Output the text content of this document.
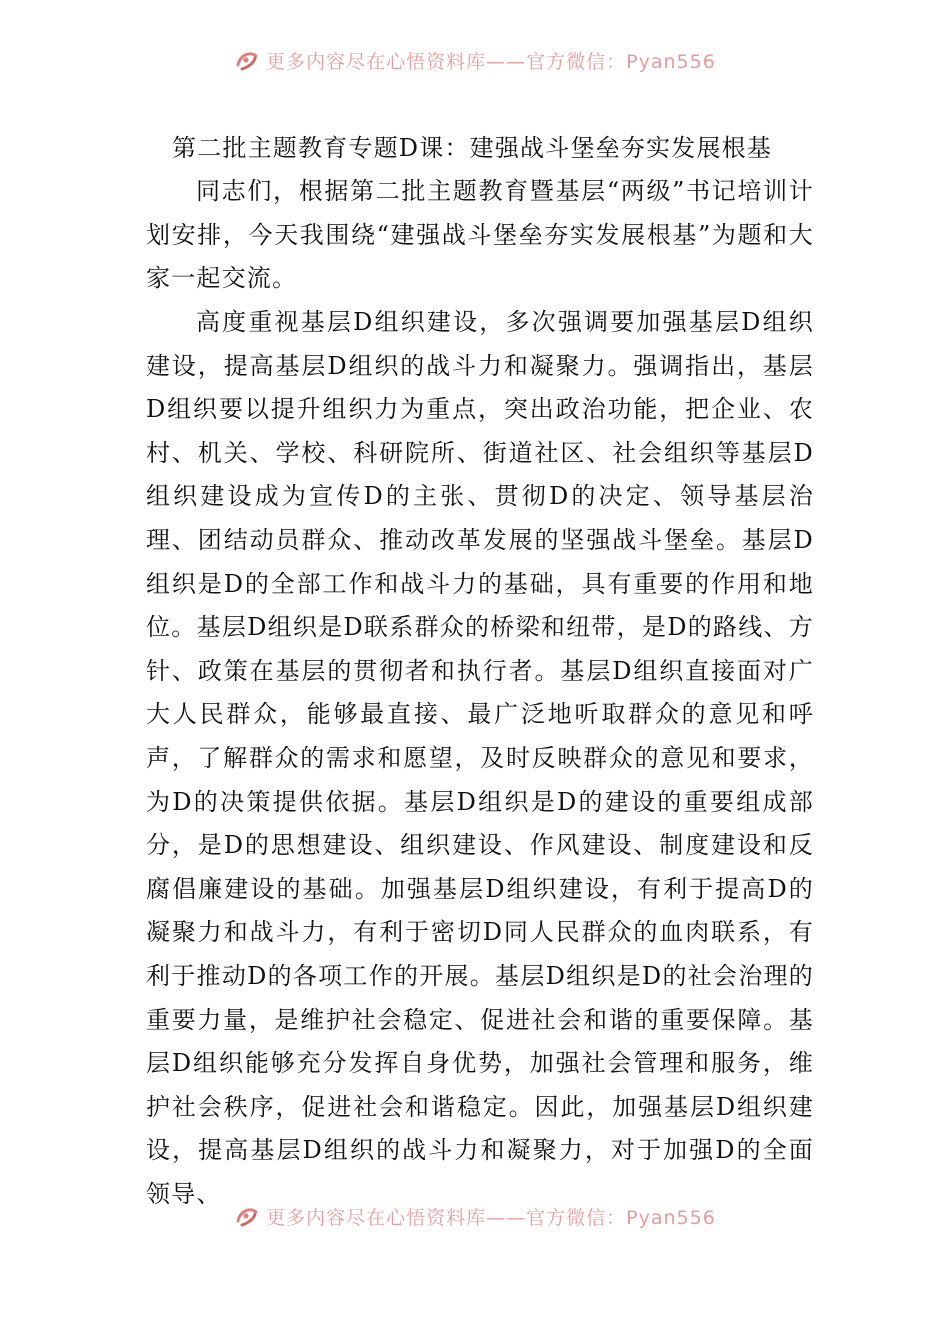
更多内容尽在心悟资料库——官方微信：Pyan556
第二批主题教育专题D课：建强战斗堡垒夯实发展根基

同志们，根据第二批主题教育暨基层“两级”书记培训计划安排，今天我围绕“建强战斗堡垒夯实发展根基”为题和大家一起交流。

高度重视基层D组织建设，多次强调要加强基层D组织建设，提高基层D组织的战斗力和凝聚力。强调指出，基层D组织要以提升组织力为重点，突出政治功能，把企业、农村、机关、学校、科研院所、街道社区、社会组织等基层D组织建设成为宣传D的主张、贯彻D的决定、领导基层治理、团结动员群众、推动改革发展的坚强战斗堡垒。基层D组织是D的全部工作和战斗力的基础，具有重要的作用和地位。基层D组织是D联系群众的桥梁和纽带，是D的路线、方针、政策在基层的贯彻者和执行者。基层D组织直接面对广大人民群众，能够最直接、最广泛地听取群众的意见和呼声，了解群众的需求和愿望，及时反映群众的意见和要求，为D的决策提供依据。基层D组织是D的建设的重要组成部分，是D的思想建设、组织建设、作风建设、制度建设和反腐倡廉建设的基础。加强基层D组织建设，有利于提高D的凝聚力和战斗力，有利于密切D同人民群众的血肉联系，有利于推动D的各项工作的开展。基层D组织是D的社会治理的重要力量，是维护社会稳定、促进社会和谐的重要保障。基层D组织能够充分发挥自身优势，加强社会管理和服务，维护社会秩序，促进社会和谐稳定。因此，加强基层D组织建设，提高基层D组织的战斗力和凝聚力，对于加强D的全面领导、

更多内容尽在心悟资料库——官方微信：Pyan556
